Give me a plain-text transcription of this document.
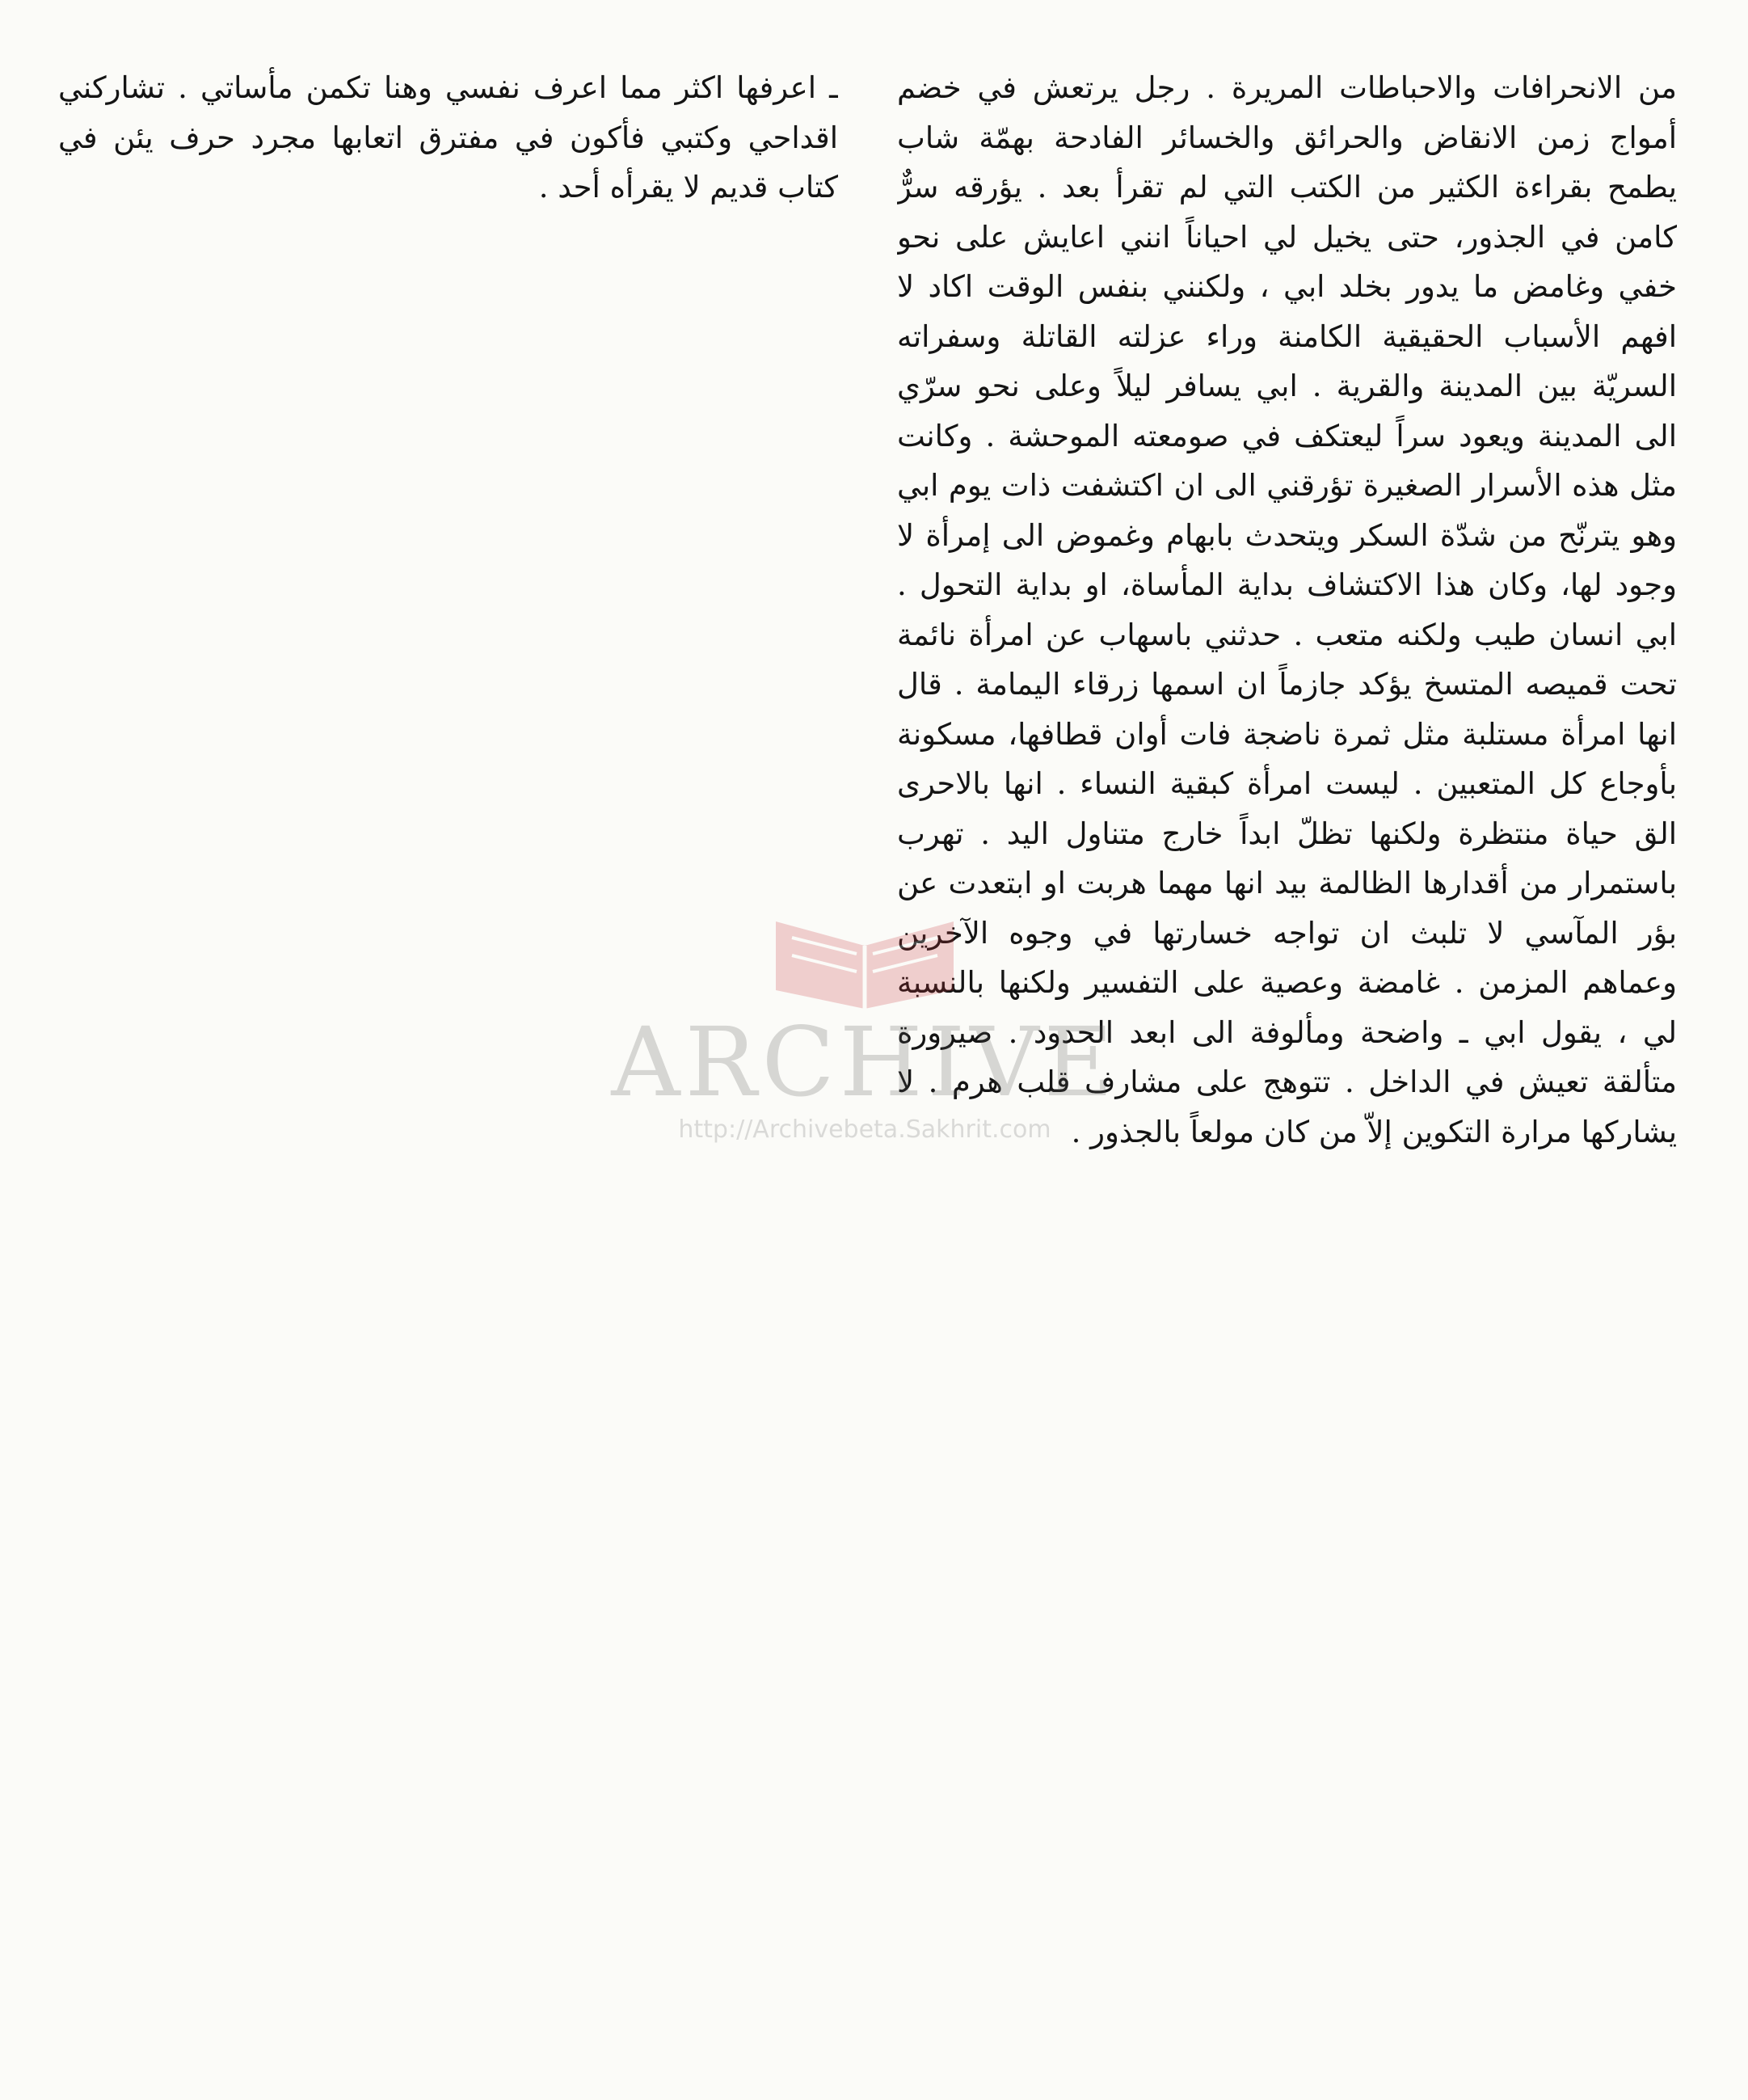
من الانحرافات والاحباطات المريرة . رجل يرتعش في خضم أمواج زمن الانقاض والحرائق والخسائر الفادحة بهمّة شاب يطمح بقراءة الكثير من الكتب التي لم تقرأ بعد . يؤرقه سرٌّ كامن في الجذور، حتى يخيل لي احياناً انني اعايش على نحو خفي وغامض ما يدور بخلد ابي ، ولكنني بنفس الوقت اكاد لا افهم الأسباب الحقيقية الكامنة وراء عزلته القاتلة وسفراته السريّة بين المدينة والقرية . ابي يسافر ليلاً وعلى نحو سرّي الى المدينة ويعود سراً ليعتكف في صومعته الموحشة . وكانت مثل هذه الأسرار الصغيرة تؤرقني الى ان اكتشفت ذات يوم ابي وهو يترنّح من شدّة السكر ويتحدث بابهام وغموض الى إمرأة لا وجود لها، وكان هذا الاكتشاف بداية المأساة، او بداية التحول . ابي انسان طيب ولكنه متعب . حدثني باسهاب عن امرأة نائمة تحت قميصه المتسخ يؤكد جازماً ان اسمها زرقاء اليمامة . قال انها امرأة مستلبة مثل ثمرة ناضجة فات أوان قطافها، مسكونة بأوجاع كل المتعبين . ليست امرأة كبقية النساء . انها بالاحرى الق حياة منتظرة ولكنها تظلّ ابداً خارج متناول اليد . تهرب باستمرار من أقدارها الظالمة بيد انها مهما هربت او ابتعدت عن بؤر المآسي لا تلبث ان تواجه خسارتها في وجوه الآخرين وعماهم المزمن . غامضة وعصية على التفسير ولكنها بالنسبة لي ، يقول ابي ـ واضحة ومألوفة الى ابعد الحدود . صيرورة متألقة تعيش في الداخل . تتوهج على مشارف قلب هرم . لا يشاركها مرارة التكوين إلاّ من كان مولعاً بالجذور .

ـ اعرفها اكثر مما اعرف نفسي وهنا تكمن مأساتي . تشاركني اقداحي وكتبي فأكون في مفترق اتعابها مجرد حرف يئن في كتاب قديم لا يقرأه أحد .

ARCHIVE
http://Archivebeta.Sakhrit.com
